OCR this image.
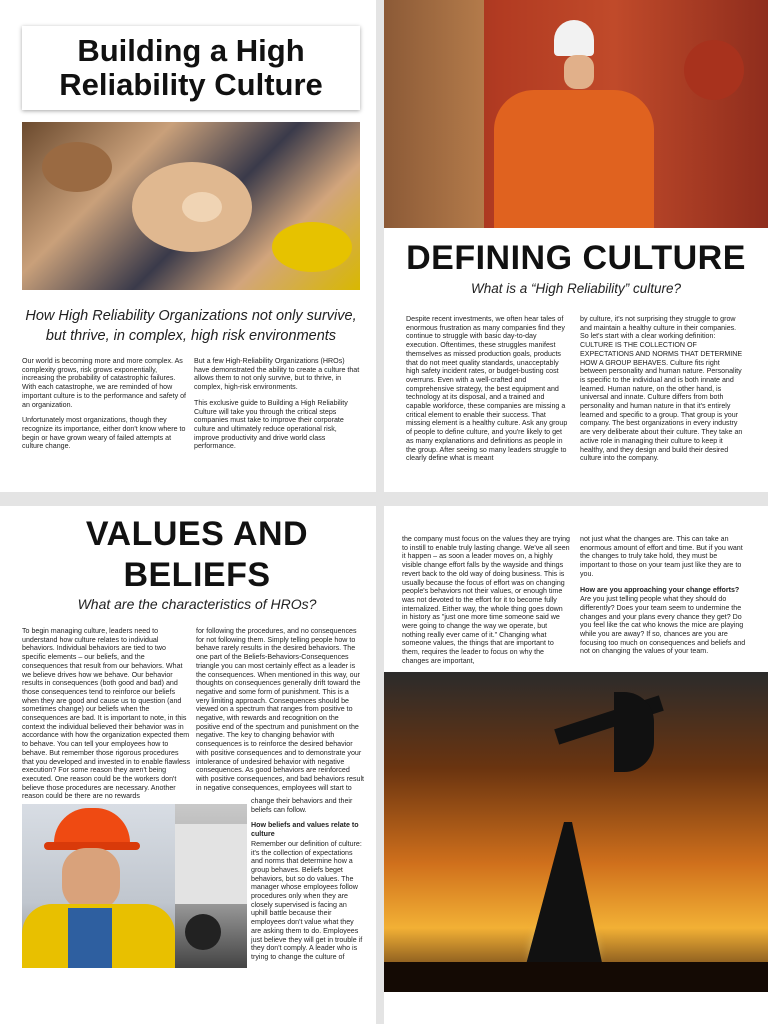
Building a High Reliability Culture
How High Reliability Organizations not only survive, but thrive, in complex, high risk environments

Our world is becoming more and more complex. As complexity grows, risk grows exponentially, increasing the probability of catastrophic failures. With each catastrophe, we are reminded of how important culture is to the performance and safety of an organization.

Unfortunately most organizations, though they recognize its importance, either don't know where to begin or have grown weary of failed attempts at culture change.

But a few High-Reliability Organizations (HROs) have demonstrated the ability to create a culture that allows them to not only survive, but to thrive, in complex, high-risk environments.

This exclusive guide to Building a High Reliability Culture will take you through the critical steps companies must take to improve their corporate culture and ultimately reduce operational risk, improve productivity and drive world class performance.

DEFINING CULTURE
What is a “High Reliability” culture?
Despite recent investments, we often hear tales of enormous frustration as many companies find they continue to struggle with basic day-to-day execution. Oftentimes, these struggles manifest themselves as missed production goals, products that do not meet quality standards, unacceptably high safety incident rates, or budget-busting cost overruns. Even with a well-crafted and comprehensive strategy, the best equipment and technology at its disposal, and a trained and capable workforce, these companies are missing a critical element to enable their success. That missing element is a healthy culture. Ask any group of people to define culture, and you're likely to get as many explanations and definitions as people in the group. After seeing so many leaders struggle to clearly define what is meant
by culture, it's not surprising they struggle to grow and maintain a healthy culture in their companies. So let's start with a clear working definition: CULTURE IS THE COLLECTION OF EXPECTATIONS AND NORMS THAT DETERMINE HOW A GROUP BEHAVES. Culture fits right between personality and human nature. Personality is specific to the individual and is both innate and learned. Human nature, on the other hand, is universal and innate. Culture differs from both personality and human nature in that it's entirely learned and specific to a group. That group is your company. The best organizations in every industry are very deliberate about their culture. They take an active role in managing their culture to keep it healthy, and they design and build their desired culture into the company.
VALUES AND BELIEFS
What are the characteristics of HROs?
To begin managing culture, leaders need to understand how culture relates to individual behaviors. Individual behaviors are tied to two specific elements – our beliefs, and the consequences that result from our behaviors. What we believe drives how we behave. Our behavior results in consequences (both good and bad) and those consequences tend to reinforce our beliefs when they are good and cause us to question (and sometimes change) our beliefs when the consequences are bad. It is important to note, in this context the individual believed their behavior was in accordance with how the organization expected them to behave. You can tell your employees how to behave. But remember those rigorous procedures that you developed and invested in to enable flawless execution? For some reason they aren't being executed. One reason could be the workers don't believe those procedures are necessary. Another reason could be there are no rewards
for following the procedures, and no consequences for not following them. Simply telling people how to behave rarely results in the desired behaviors. The one part of the Beliefs-Behaviors-Consequences triangle you can most certainly effect as a leader is the consequences. When mentioned in this way, our thoughts on consequences generally drift toward the negative and some form of punishment. This is a very limiting approach. Consequences should be viewed on a spectrum that ranges from positive to negative, with rewards and recognition on the positive end of the spectrum and punishment on the negative. The key to changing behavior with consequences is to reinforce the desired behavior with positive consequences and to demonstrate your intolerance of undesired behavior with negative consequences. As good behaviors are reinforced with positive consequences, and bad behaviors result in negative consequences, employees will start to

change their behaviors and their beliefs can follow.

How beliefs and values relate to culture

Remember our definition of culture: it's the collection of expectations and norms that determine how a group behaves. Beliefs beget behaviors, but so do values. The manager whose employees follow procedures only when they are closely supervised is facing an uphill battle because their employees don't value what they are asking them to do. Employees just believe they will get in trouble if they don't comply. A leader who is trying to change the culture of

the company must focus on the values they are trying to instill to enable truly lasting change. We've all seen it happen – as soon a leader moves on, a highly visible change effort falls by the wayside and things revert back to the old way of doing business. This is usually because the focus of effort was on changing people's behaviors not their values, or enough time was not devoted to the effort for it to become fully internalized. Either way, the whole thing goes down in history as "just one more time someone said we were going to change the way we operate, but nothing really ever came of it." Changing what someone values, the things that are important to them, requires the leader to focus on why the changes are important,

not just what the changes are. This can take an enormous amount of effort and time. But if you want the changes to truly take hold, they must be important to those on your team just like they are to you.

How are you approaching your change efforts?

Are you just telling people what they should do differently? Does your team seem to undermine the changes and your plans every chance they get? Do you feel like the cat who knows the mice are playing while you are away? If so, chances are you are focusing too much on consequences and beliefs and not on changing the values of your team.
